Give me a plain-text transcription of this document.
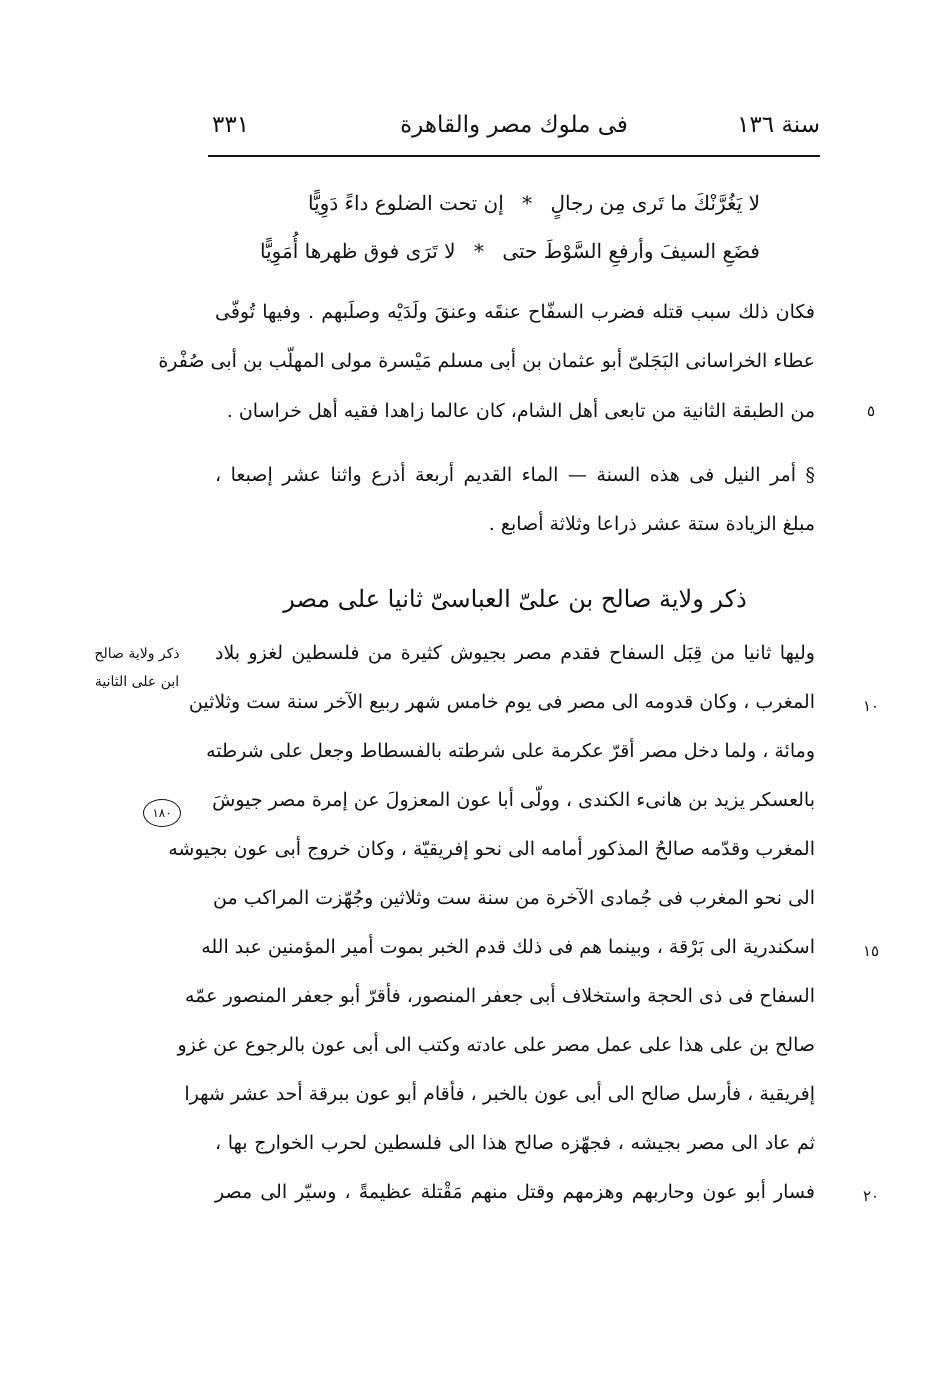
سنة ١٣٦
فى ملوك مصر والقاهرة
٣٣١
لا يَغُرَّنْكَ ما تَرى مِن رجالٍ * إن تحت الضلوع داءً دَوِيًّا
فضَعِ السيفَ وأرفعِ السَّوْطَ حتى * لا تَرَى فوق ظهرها أُمَوِيًّا
فكان ذلك سبب قتله فضرب السفّاح عنقَه وعنقَ ولَدَيْه وصلَبهم . وفيها تُوفّى
عطاء الخراسانى البَجَلىّ أبو عثمان بن أبى مسلم مَيْسرة مولى المهلّب بن أبى صُفْرة
من الطبقة الثانية من تابعى أهل الشام، كان عالما زاهدا فقيه أهل خراسان .
§ أمر النيل فى هذه السنة — الماء القديم أربعة أذرع واثنا عشر إصبعا ،
مبلغ الزيادة ستة عشر ذراعا وثلاثة أصابع .
ذكر ولاية صالح بن علىّ العباسىّ ثانيا على مصر
وليها ثانيا من قِبَل السفاح فقدم مصر بجيوش كثيرة من فلسطين لغزو بلاد
المغرب ، وكان قدومه الى مصر فى يوم خامس شهر ربيع الآخر سنة ست وثلاثين
ومائة ، ولما دخل مصر أقرّ عكرمة على شرطته بالفسطاط وجعل على شرطته
بالعسكر يزيد بن هانىء الكندى ، وولّى أبا عون المعزولَ عن إمرة مصر جيوشَ
المغرب وقدّمه صالحُ المذكور أمامه الى نحو إفريقيّة ، وكان خروج أبى عون بجيوشه
الى نحو المغرب فى جُمادى الآخرة من سنة ست وثلاثين وجُهّزت المراكب من
اسكندرية الى بَرْقة ، وبينما هم فى ذلك قدم الخبر بموت أمير المؤمنين عبد الله
السفاح فى ذى الحجة واستخلاف أبى جعفر المنصور، فأقرّ أبو جعفر المنصور عمّه
صالح بن على هذا على عمل مصر على عادته وكتب الى أبى عون بالرجوع عن غزو
إفريقية ، فأرسل صالح الى أبى عون بالخبر ، فأقام أبو عون ببرقة أحد عشر شهرا
ثم عاد الى مصر بجيشه ، فجهّزه صالح هذا الى فلسطين لحرب الخوارج بها ،
فسار أبو عون وحاربهم وهزمهم وقتل منهم مَقْتلة عظيمةً ، وسيّر الى مصر
٥
١٠
١٥
٢٠
ذكر ولاية صالح
ابن على الثانية
١٨٠
